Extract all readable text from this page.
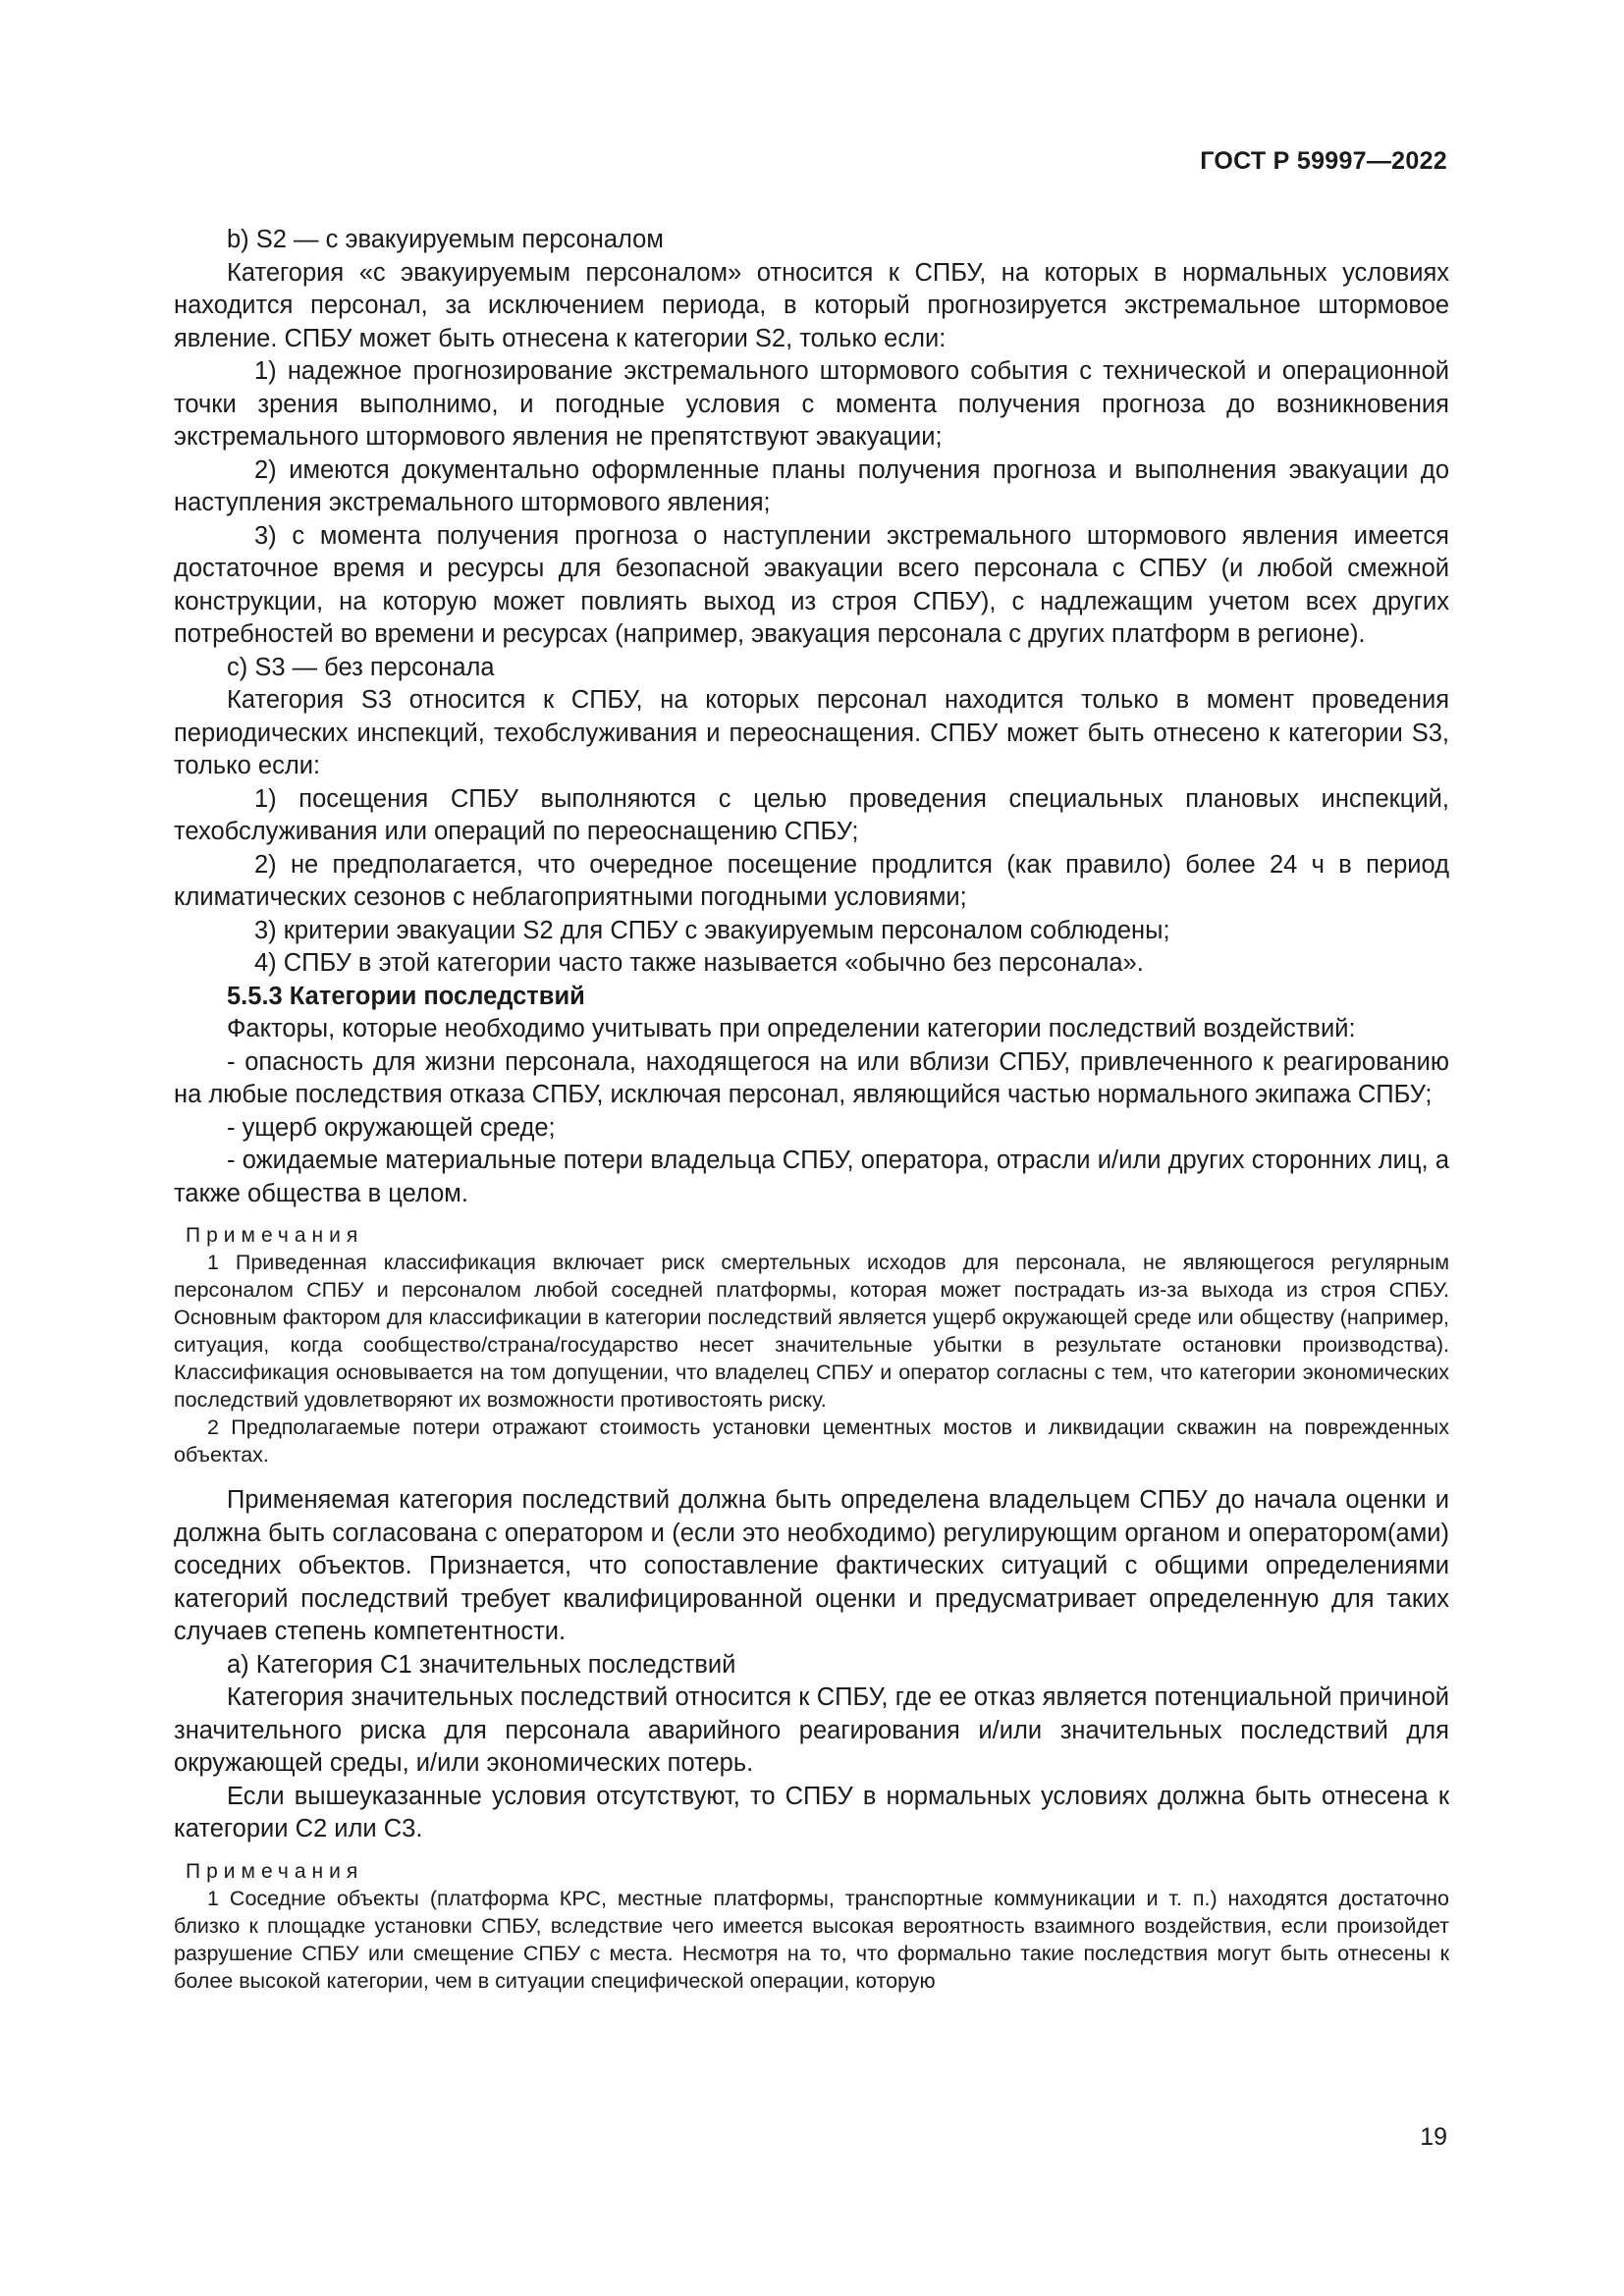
ГОСТ Р 59997—2022

b) S2 — с эвакуируемым персоналом

Категория «с эвакуируемым персоналом» относится к СПБУ, на которых в нормальных условиях находится персонал, за исключением периода, в который прогнозируется экстремальное штормовое явление. СПБУ может быть отнесена к категории S2, только если:

1) надежное прогнозирование экстремального штормового события с технической и операционной точки зрения выполнимо, и погодные условия с момента получения прогноза до возникновения экстремального штормового явления не препятствуют эвакуации;

2) имеются документально оформленные планы получения прогноза и выполнения эвакуации до наступления экстремального штормового явления;

3) с момента получения прогноза о наступлении экстремального штормового явления имеется достаточное время и ресурсы для безопасной эвакуации всего персонала с СПБУ (и любой смежной конструкции, на которую может повлиять выход из строя СПБУ), с надлежащим учетом всех других потребностей во времени и ресурсах (например, эвакуация персонала с других платформ в регионе).

c) S3 — без персонала

Категория S3 относится к СПБУ, на которых персонал находится только в момент проведения периодических инспекций, техобслуживания и переоснащения. СПБУ может быть отнесено к категории S3, только если:

1) посещения СПБУ выполняются с целью проведения специальных плановых инспекций, техобслуживания или операций по переоснащению СПБУ;

2) не предполагается, что очередное посещение продлится (как правило) более 24 ч в период климатических сезонов с неблагоприятными погодными условиями;

3) критерии эвакуации S2 для СПБУ с эвакуируемым персоналом соблюдены;

4) СПБУ в этой категории часто также называется «обычно без персонала».

5.5.3 Категории последствий

Факторы, которые необходимо учитывать при определении категории последствий воздействий:

- опасность для жизни персонала, находящегося на или вблизи СПБУ, привлеченного к реагированию на любые последствия отказа СПБУ, исключая персонал, являющийся частью нормального экипажа СПБУ;

- ущерб окружающей среде;

- ожидаемые материальные потери владельца СПБУ, оператора, отрасли и/или других сторонних лиц, а также общества в целом.

Примечания

1 Приведенная классификация включает риск смертельных исходов для персонала, не являющегося регулярным персоналом СПБУ и персоналом любой соседней платформы, которая может пострадать из-за выхода из строя СПБУ. Основным фактором для классификации в категории последствий является ущерб окружающей среде или обществу (например, ситуация, когда сообщество/страна/государство несет значительные убытки в результате остановки производства). Классификация основывается на том допущении, что владелец СПБУ и оператор согласны с тем, что категории экономических последствий удовлетворяют их возможности противостоять риску.

2 Предполагаемые потери отражают стоимость установки цементных мостов и ликвидации скважин на поврежденных объектах.

Применяемая категория последствий должна быть определена владельцем СПБУ до начала оценки и должна быть согласована с оператором и (если это необходимо) регулирующим органом и оператором(ами) соседних объектов. Признается, что сопоставление фактических ситуаций с общими определениями категорий последствий требует квалифицированной оценки и предусматривает определенную для таких случаев степень компетентности.

а) Категория С1 значительных последствий

Категория значительных последствий относится к СПБУ, где ее отказ является потенциальной причиной значительного риска для персонала аварийного реагирования и/или значительных последствий для окружающей среды, и/или экономических потерь.

Если вышеуказанные условия отсутствуют, то СПБУ в нормальных условиях должна быть отнесена к категории С2 или С3.

Примечания

1 Соседние объекты (платформа КРС, местные платформы, транспортные коммуникации и т. п.) находятся достаточно близко к площадке установки СПБУ, вследствие чего имеется высокая вероятность взаимного воздействия, если произойдет разрушение СПБУ или смещение СПБУ с места. Несмотря на то, что формально такие последствия могут быть отнесены к более высокой категории, чем в ситуации специфической операции, которую

19
